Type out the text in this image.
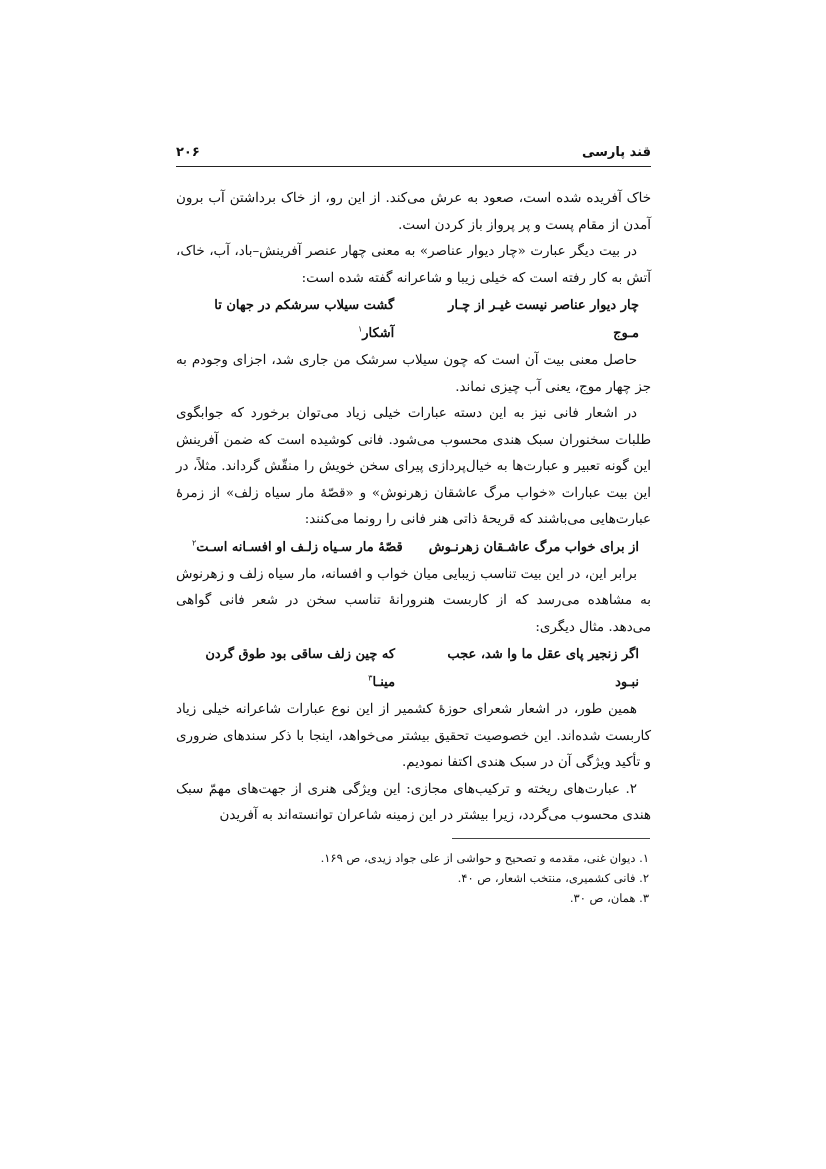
قند پارسی
۲۰۶

خاک آفریده شده است، صعود به عرش می‌کند. از این رو، از خاک برداشتن آب برون آمدن از مقام پست و پر پرواز باز کردن است.

در بیت دیگر عبارت «چار دیوار عناصر» به معنی چهار عنصر آفرینش–باد، آب، خاک، آتش به کار رفته است که خیلی زیبا و شاعرانه گفته شده است:

چار دیوار عناصر نیست غیـر از چـار مـوج
گشت سیلاب سرشکم در جهان تا آشکار$^۱$

حاصل معنی بیت آن است که چون سیلاب سرشک من جاری شد، اجزای وجودم به جز چهار موج، یعنی آب چیزی نماند.

در اشعار فانی نیز به این دسته عبارات خیلی زیاد می‌توان برخورد که جوابگوی طلبات سخنوران سبک هندی محسوب می‌شود. فانی کوشیده است که ضمن آفرینش این گونه تعبیر و عبارت‌ها به خیال‌پردازی پیرای سخن خویش را منقّش گرداند. مثلاً، در این بیت عبارات «خواب مرگ عاشقان زهرنوش» و «قصّهٔ مار سیاه زلف» از زمرهٔ عبارت‌هایی می‌باشند که قریحهٔ ذاتی هنر فانی را رونما می‌کنند:

از برای خواب مرگ عاشـقان زهرنـوش
قصّهٔ مار سـیاه زلـف او افسـانه اسـت$^۲$

برابر این، در این بیت تناسب زیبایی میان خواب و افسانه، مار سیاه زلف و زهرنوش به مشاهده می‌رسد که از کاربست هنرورانهٔ تناسب سخن در شعر فانی گواهی می‌دهد. مثال دیگری:

اگر زنجیر پای عقل ما وا شد، عجب نبـود
که چین زلف ساقی بود طوق گردن مینـا$^۳$

همین طور، در اشعار شعرای حوزهٔ کشمیر از این نوع عبارات شاعرانه خیلی زیاد کاربست شده‌اند. این خصوصیت تحقیق بیشتر می‌خواهد، اینجا با ذکر سندهای ضروری و تأکید ویژگی آن در سبک هندی اکتفا نمودیم.

۲. عبارت‌های ریخته و ترکیب‌های مجازی: این ویژگی هنری از جهت‌های مهمّ سبک هندی محسوب می‌گردد، زیرا بیشتر در این زمینه شاعران توانسته‌اند به آفریدن

۱. دیوان غنی، مقدمه و تصحیح و حواشی از علی جواد زیدی، ص ۱۶۹.

۲. فانی کشمیری، منتخب اشعار، ص ۴۰.

۳. همان، ص ۳۰.
